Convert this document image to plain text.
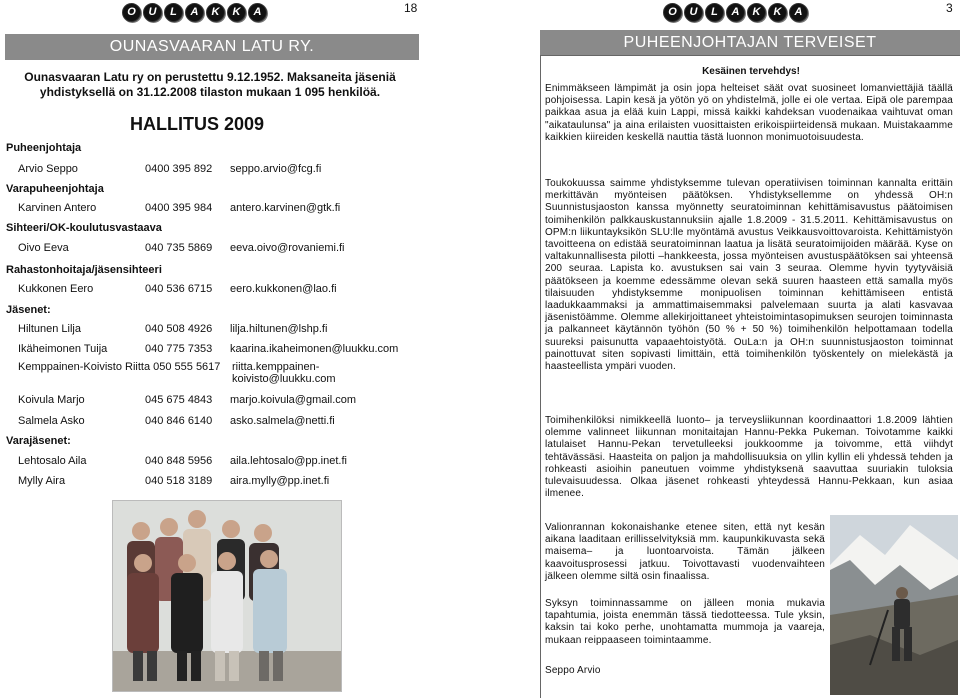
O	U	L	A	K	K	A	18
OUNASVAARAN LATU RY.
Ounasvaaran Latu ry on perustettu 9.12.1952. Maksaneita jäseniä yhdistyksellä on 31.12.2008 tilaston mukaan 1 095 henkilöä.
HALLITUS 2009
Puheenjohtaja
Arvio Seppo	0400 395 892 seppo.arvio@fcg.fi
Varapuheenjohtaja
Karvinen Antero	0400 395 984 antero.karvinen@gtk.fi
Sihteeri/OK-koulutusvastaava
Oivo Eeva	040 735 5869 eeva.oivo@rovaniemi.fi
Rahastonhoitaja/jäsensihteeri
Kukkonen Eero	040 536 6715 eero.kukkonen@lao.fi
Jäsenet:
Hiltunen Lilja	040 508 4926 lilja.hiltunen@lshp.fi
Ikäheimonen Tuija	040 775 7353 kaarina.ikaheimonen@luukku.com
Kemppainen-Koivisto Riitta 050 555 5617 riitta.kemppainen-koivisto@luukku.com
Koivula Marjo	045 675 4843 marjo.koivula@gmail.com
Salmela Asko	040 846 6140 asko.salmela@netti.fi
Varajäsenet:
Lehtosalo Aila	040 848 5956 aila.lehtosalo@pp.inet.fi
Mylly Aira	040 518 3189 aira.mylly@pp.inet.fi
O	U	L	A	K	K	A	3
PUHEENJOHTAJAN TERVEISET
Kesäinen tervehdys!
Enimmäkseen lämpimät ja osin jopa helteiset säät ovat suosineet lomanviettäjiä täällä pohjoisessa. Lapin kesä ja yötön yö on yhdistelmä, jolle ei ole vertaa. Eipä ole parempaa paikkaa asua ja elää kuin Lappi, missä kaikki kahdeksan vuodenaikaa vaihtuvat oman "aikataulunsa" ja aina erilaisten vuosittaisten erikoispiirteidensä mukaan. Muistakaamme kaikkien kiireiden keskellä nauttia tästä luonnon monimuotoisuudesta.
Toukokuussa saimme yhdistyksemme tulevan operatiivisen toiminnan kannalta erittäin merkittävän myönteisen päätöksen. Yhdistyksellemme on yhdessä OH:n Suunnistusjaoston kanssa myönnetty seuratoiminnan kehittämisavustus päätoimisen toimihenkilön palkkauskustannuksiin ajalle 1.8.2009 - 31.5.2011. Kehittämisavustus on OPM:n liikuntayksikön SLU:lle myöntämä avustus Veikkausvoittovaroista. Kehittämistyön tavoitteena on edistää seuratoiminnan laatua ja lisätä seuratoimijoiden määrää. Kyse on valtakunnallisesta pilotti –hankkeesta, jossa myönteisen avustuspäätöksen sai yhteensä 200 seuraa. Lapista ko. avustuksen sai vain 3 seuraa. Olemme hyvin tyytyväisiä päätökseen ja koemme edessämme olevan sekä suuren haasteen että samalla myös tilaisuuden yhdistyksemme monipuolisen toiminnan kehittämiseen entistä laadukkaammaksi ja ammattimaisemmaksi palvelemaan suurta ja alati kasvavaa jäsenistöämme. Olemme allekirjoittaneet yhteistoimintasopimuksen seurojen toiminnasta ja palkanneet käytännön työhön (50 % + 50 %) toimihenkilön helpottamaan todella suureksi paisunutta vapaaehtoistyötä. OuLa:n ja OH:n suunnistusjaoston toiminnat painottuvat siten sopivasti limittäin, että toimihenkilön työskentely on mielekästä ja haasteellista ympäri vuoden.
Toimihenkilöksi nimikkeellä luonto– ja terveysliikunnan koordinaattori 1.8.2009 lähtien olemme valinneet liikunnan monitaitajan Hannu-Pekka Pukeman. Toivotamme kaikki latulaiset Hannu-Pekan tervetulleeksi joukkoomme ja toivomme, että viihdyt tehtävässäsi. Haasteita on paljon ja mahdollisuuksia on yllin kyllin eli yhdessä tehden ja rohkeasti asioihin paneutuen voimme yhdistyksenä saavuttaa suuriakin tuloksia tulevaisuudessa. Olkaa jäsenet rohkeasti yhteydessä Hannu-Pekkaan, kun asiaa ilmenee.
Valionrannan kokonaishanke etenee siten, että nyt kesän aikana laaditaan erillisselvityksiä mm. kaupunkikuvasta sekä maisema– ja luontoarvoista. Tämän jälkeen kaavoitusprosessi jatkuu. Toivottavasti vuodenvaihteen jälkeen olemme siltä osin finaalissa.
Syksyn toiminnassamme on jälleen monia mukavia tapahtumia, joista enemmän tässä tiedotteessa. Tule yksin, kaksin tai koko perhe, unohtamatta mummoja ja vaareja, mukaan reippaaseen toimintaamme.
Seppo Arvio
